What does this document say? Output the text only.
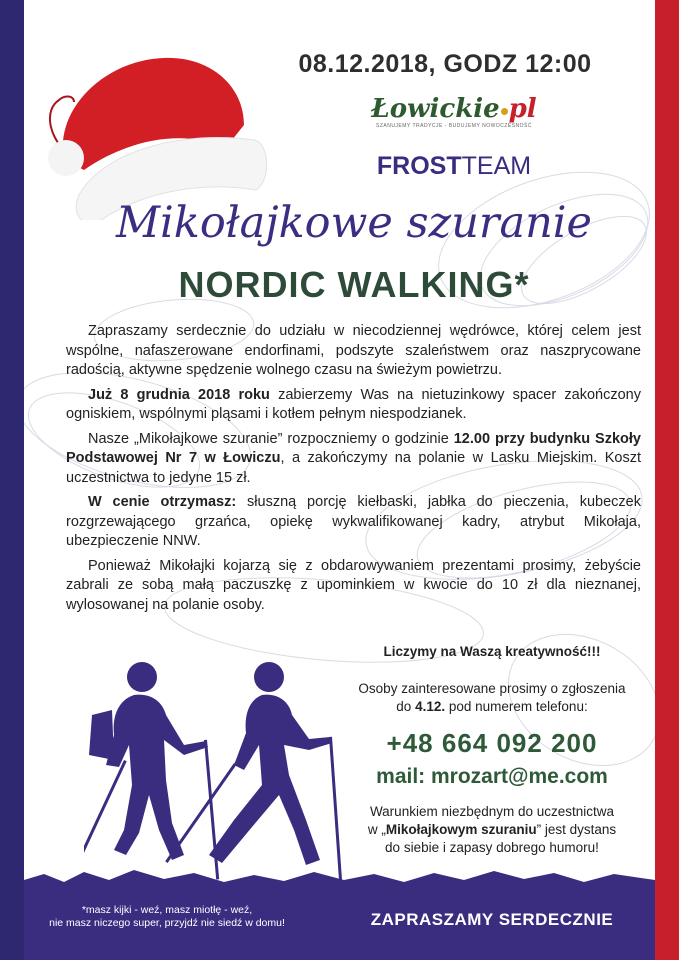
08.12.2018, GODZ 12:00
Łowickie pl
SZANUJEMY TRADYCJE - BUDUJEMY NOWOCZESNOŚĆ
FROSTTEAM
Mikołajkowe szuranie
NORDIC WALKING*

Zapraszamy serdecznie do udziału w niecodziennej wędrówce, której celem jest wspólne, nafaszerowane endorfinami, podszyte szaleństwem oraz naszprycowane radością, aktywne spędzenie wolnego czasu na świeżym powietrzu.

Już 8 grudnia 2018 roku zabierzemy Was na nietuzinkowy spacer zakończony ogniskiem, wspólnymi pląsami i kotłem pełnym niespodzianek.

Nasze „Mikołajkowe szuranie” rozpoczniemy o godzinie 12.00 przy budynku Szkoły Podstawowej Nr 7 w Łowiczu, a zakończymy na polanie w Lasku Miejskim. Koszt uczestnictwa to jedyne 15 zł.

W cenie otrzymasz: słuszną porcję kiełbaski, jabłka do pieczenia, kubeczek rozgrzewającego grzańca, opiekę wykwalifikowanej kadry, atrybut Mikołaja, ubezpieczenie NNW.

Ponieważ Mikołajki kojarzą się z obdarowywaniem prezentami prosimy, żebyście zabrali ze sobą małą paczuszkę z upominkiem w kwocie do 10 zł dla nieznanej, wylosowanej na polanie osoby.

Liczymy na Waszą kreatywność!!!
Osoby zainteresowane prosimy o zgłoszenia
do 4.12. pod numerem telefonu:
+48 664 092 200
mail: mrozart@me.com
Warunkiem niezbędnym do uczestnictwa
w „Mikołajkowym szuraniu” jest dystans
do siebie i zapasy dobrego humoru!
*masz kijki - weź, masz miotłę - weź,
nie masz niczego super, przyjdź nie siedź w domu!	ZAPRASZAMY SERDECZNIE
